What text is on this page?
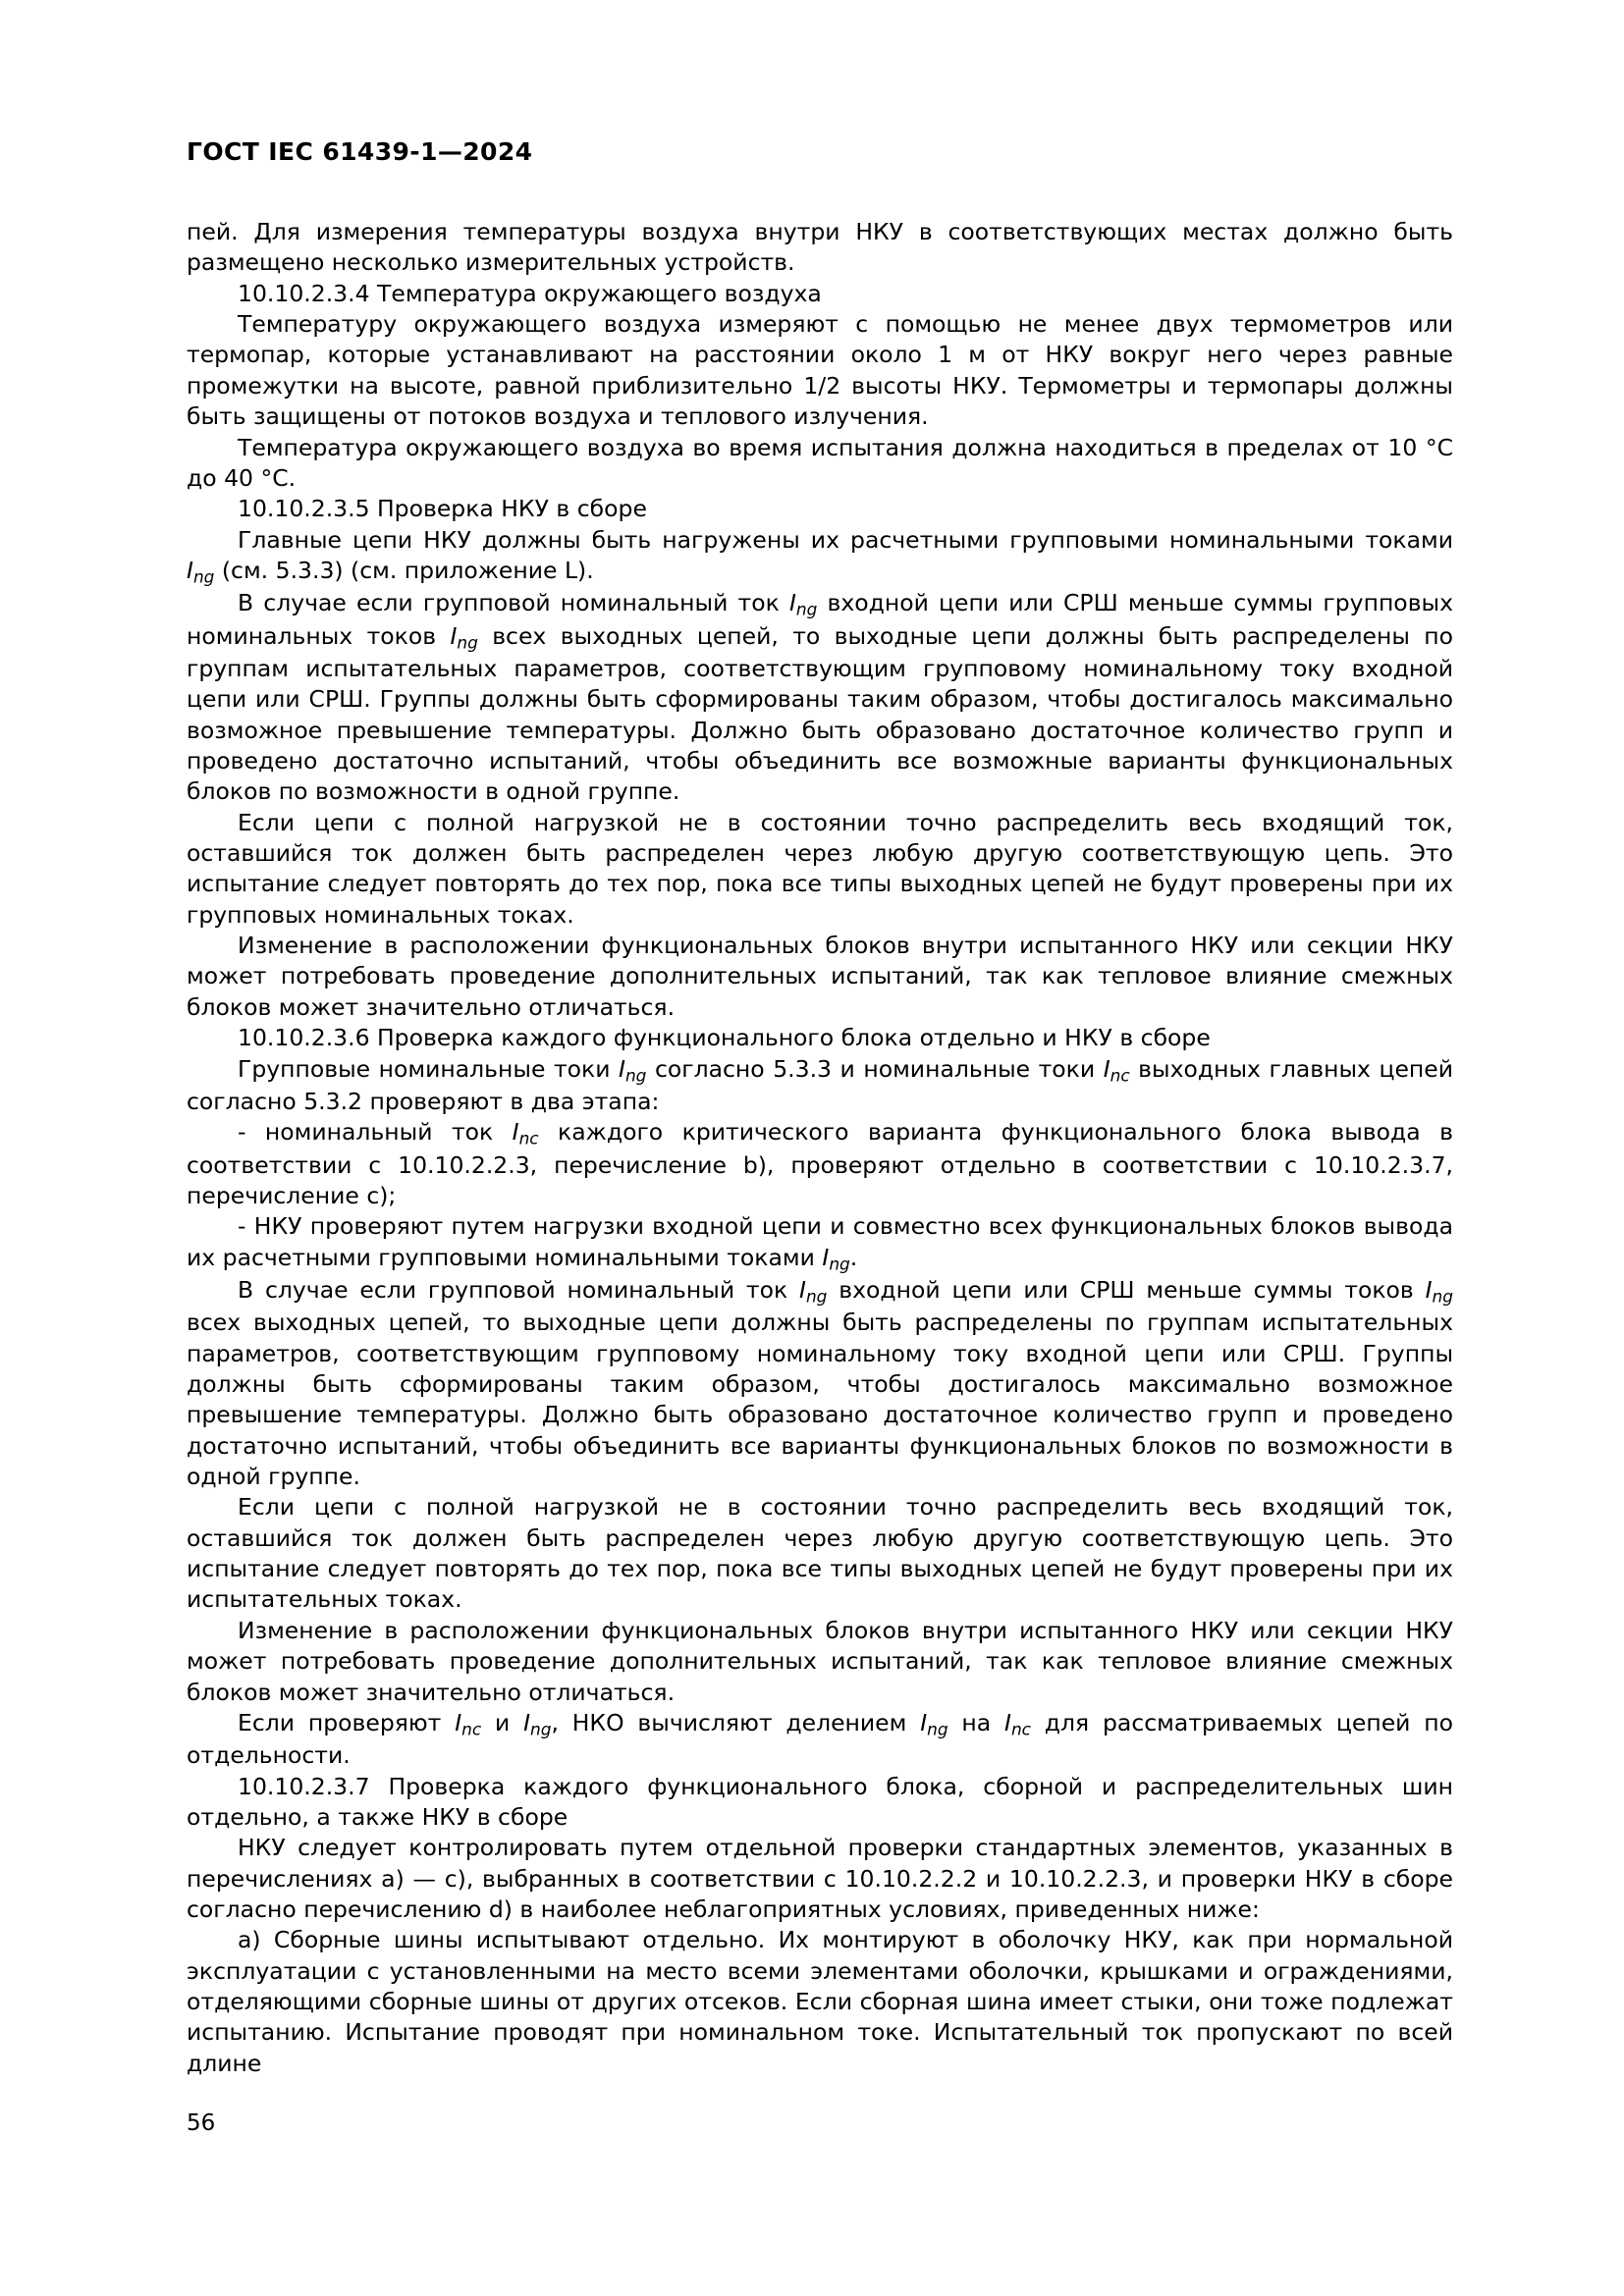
ГОСТ IEC 61439-1—2024

пей. Для измерения температуры воздуха внутри НКУ в соответствующих местах должно быть размещено несколько измерительных устройств.

10.10.2.3.4 Температура окружающего воздуха

Температуру окружающего воздуха измеряют с помощью не менее двух термометров или термопар, которые устанавливают на расстоянии около 1 м от НКУ вокруг него через равные промежутки на высоте, равной приблизительно 1/2 высоты НКУ. Термометры и термопары должны быть защищены от потоков воздуха и теплового излучения.

Температура окружающего воздуха во время испытания должна находиться в пределах от 10 °C до 40 °C.

10.10.2.3.5 Проверка НКУ в сборе

Главные цепи НКУ должны быть нагружены их расчетными групповыми номинальными токами $I_{ng}$ (см. 5.3.3) (см. приложение L).

В случае если групповой номинальный ток $I_{ng}$ входной цепи или СРШ меньше суммы групповых номинальных токов $I_{ng}$ всех выходных цепей, то выходные цепи должны быть распределены по группам испытательных параметров, соответствующим групповому номинальному току входной цепи или СРШ. Группы должны быть сформированы таким образом, чтобы достигалось максимально возможное превышение температуры. Должно быть образовано достаточное количество групп и проведено достаточно испытаний, чтобы объединить все возможные варианты функциональных блоков по возможности в одной группе.

Если цепи с полной нагрузкой не в состоянии точно распределить весь входящий ток, оставшийся ток должен быть распределен через любую другую соответствующую цепь. Это испытание следует повторять до тех пор, пока все типы выходных цепей не будут проверены при их групповых номинальных токах.

Изменение в расположении функциональных блоков внутри испытанного НКУ или секции НКУ может потребовать проведение дополнительных испытаний, так как тепловое влияние смежных блоков может значительно отличаться.

10.10.2.3.6 Проверка каждого функционального блока отдельно и НКУ в сборе

Групповые номинальные токи $I_{ng}$ согласно 5.3.3 и номинальные токи $I_{nc}$ выходных главных цепей согласно 5.3.2 проверяют в два этапа:

- номинальный ток $I_{nc}$ каждого критического варианта функционального блока вывода в соответствии с 10.10.2.2.3, перечисление b), проверяют отдельно в соответствии с 10.10.2.3.7, перечисление c);

- НКУ проверяют путем нагрузки входной цепи и совместно всех функциональных блоков вывода их расчетными групповыми номинальными токами $I_{ng}$.

В случае если групповой номинальный ток $I_{ng}$ входной цепи или СРШ меньше суммы токов $I_{ng}$ всех выходных цепей, то выходные цепи должны быть распределены по группам испытательных параметров, соответствующим групповому номинальному току входной цепи или СРШ. Группы должны быть сформированы таким образом, чтобы достигалось максимально возможное превышение температуры. Должно быть образовано достаточное количество групп и проведено достаточно испытаний, чтобы объединить все варианты функциональных блоков по возможности в одной группе.

Если цепи с полной нагрузкой не в состоянии точно распределить весь входящий ток, оставшийся ток должен быть распределен через любую другую соответствующую цепь. Это испытание следует повторять до тех пор, пока все типы выходных цепей не будут проверены при их испытательных токах.

Изменение в расположении функциональных блоков внутри испытанного НКУ или секции НКУ может потребовать проведение дополнительных испытаний, так как тепловое влияние смежных блоков может значительно отличаться.

Если проверяют $I_{nc}$ и $I_{ng}$, НКО вычисляют делением $I_{ng}$ на $I_{nc}$ для рассматриваемых цепей по отдельности.

10.10.2.3.7 Проверка каждого функционального блока, сборной и распределительных шин отдельно, а также НКУ в сборе

НКУ следует контролировать путем отдельной проверки стандартных элементов, указанных в перечислениях a) — c), выбранных в соответствии с 10.10.2.2.2 и 10.10.2.2.3, и проверки НКУ в сборе согласно перечислению d) в наиболее неблагоприятных условиях, приведенных ниже:

a) Сборные шины испытывают отдельно. Их монтируют в оболочку НКУ, как при нормальной эксплуатации с установленными на место всеми элементами оболочки, крышками и ограждениями, отделяющими сборные шины от других отсеков. Если сборная шина имеет стыки, они тоже подлежат испытанию. Испытание проводят при номинальном токе. Испытательный ток пропускают по всей длине

56
